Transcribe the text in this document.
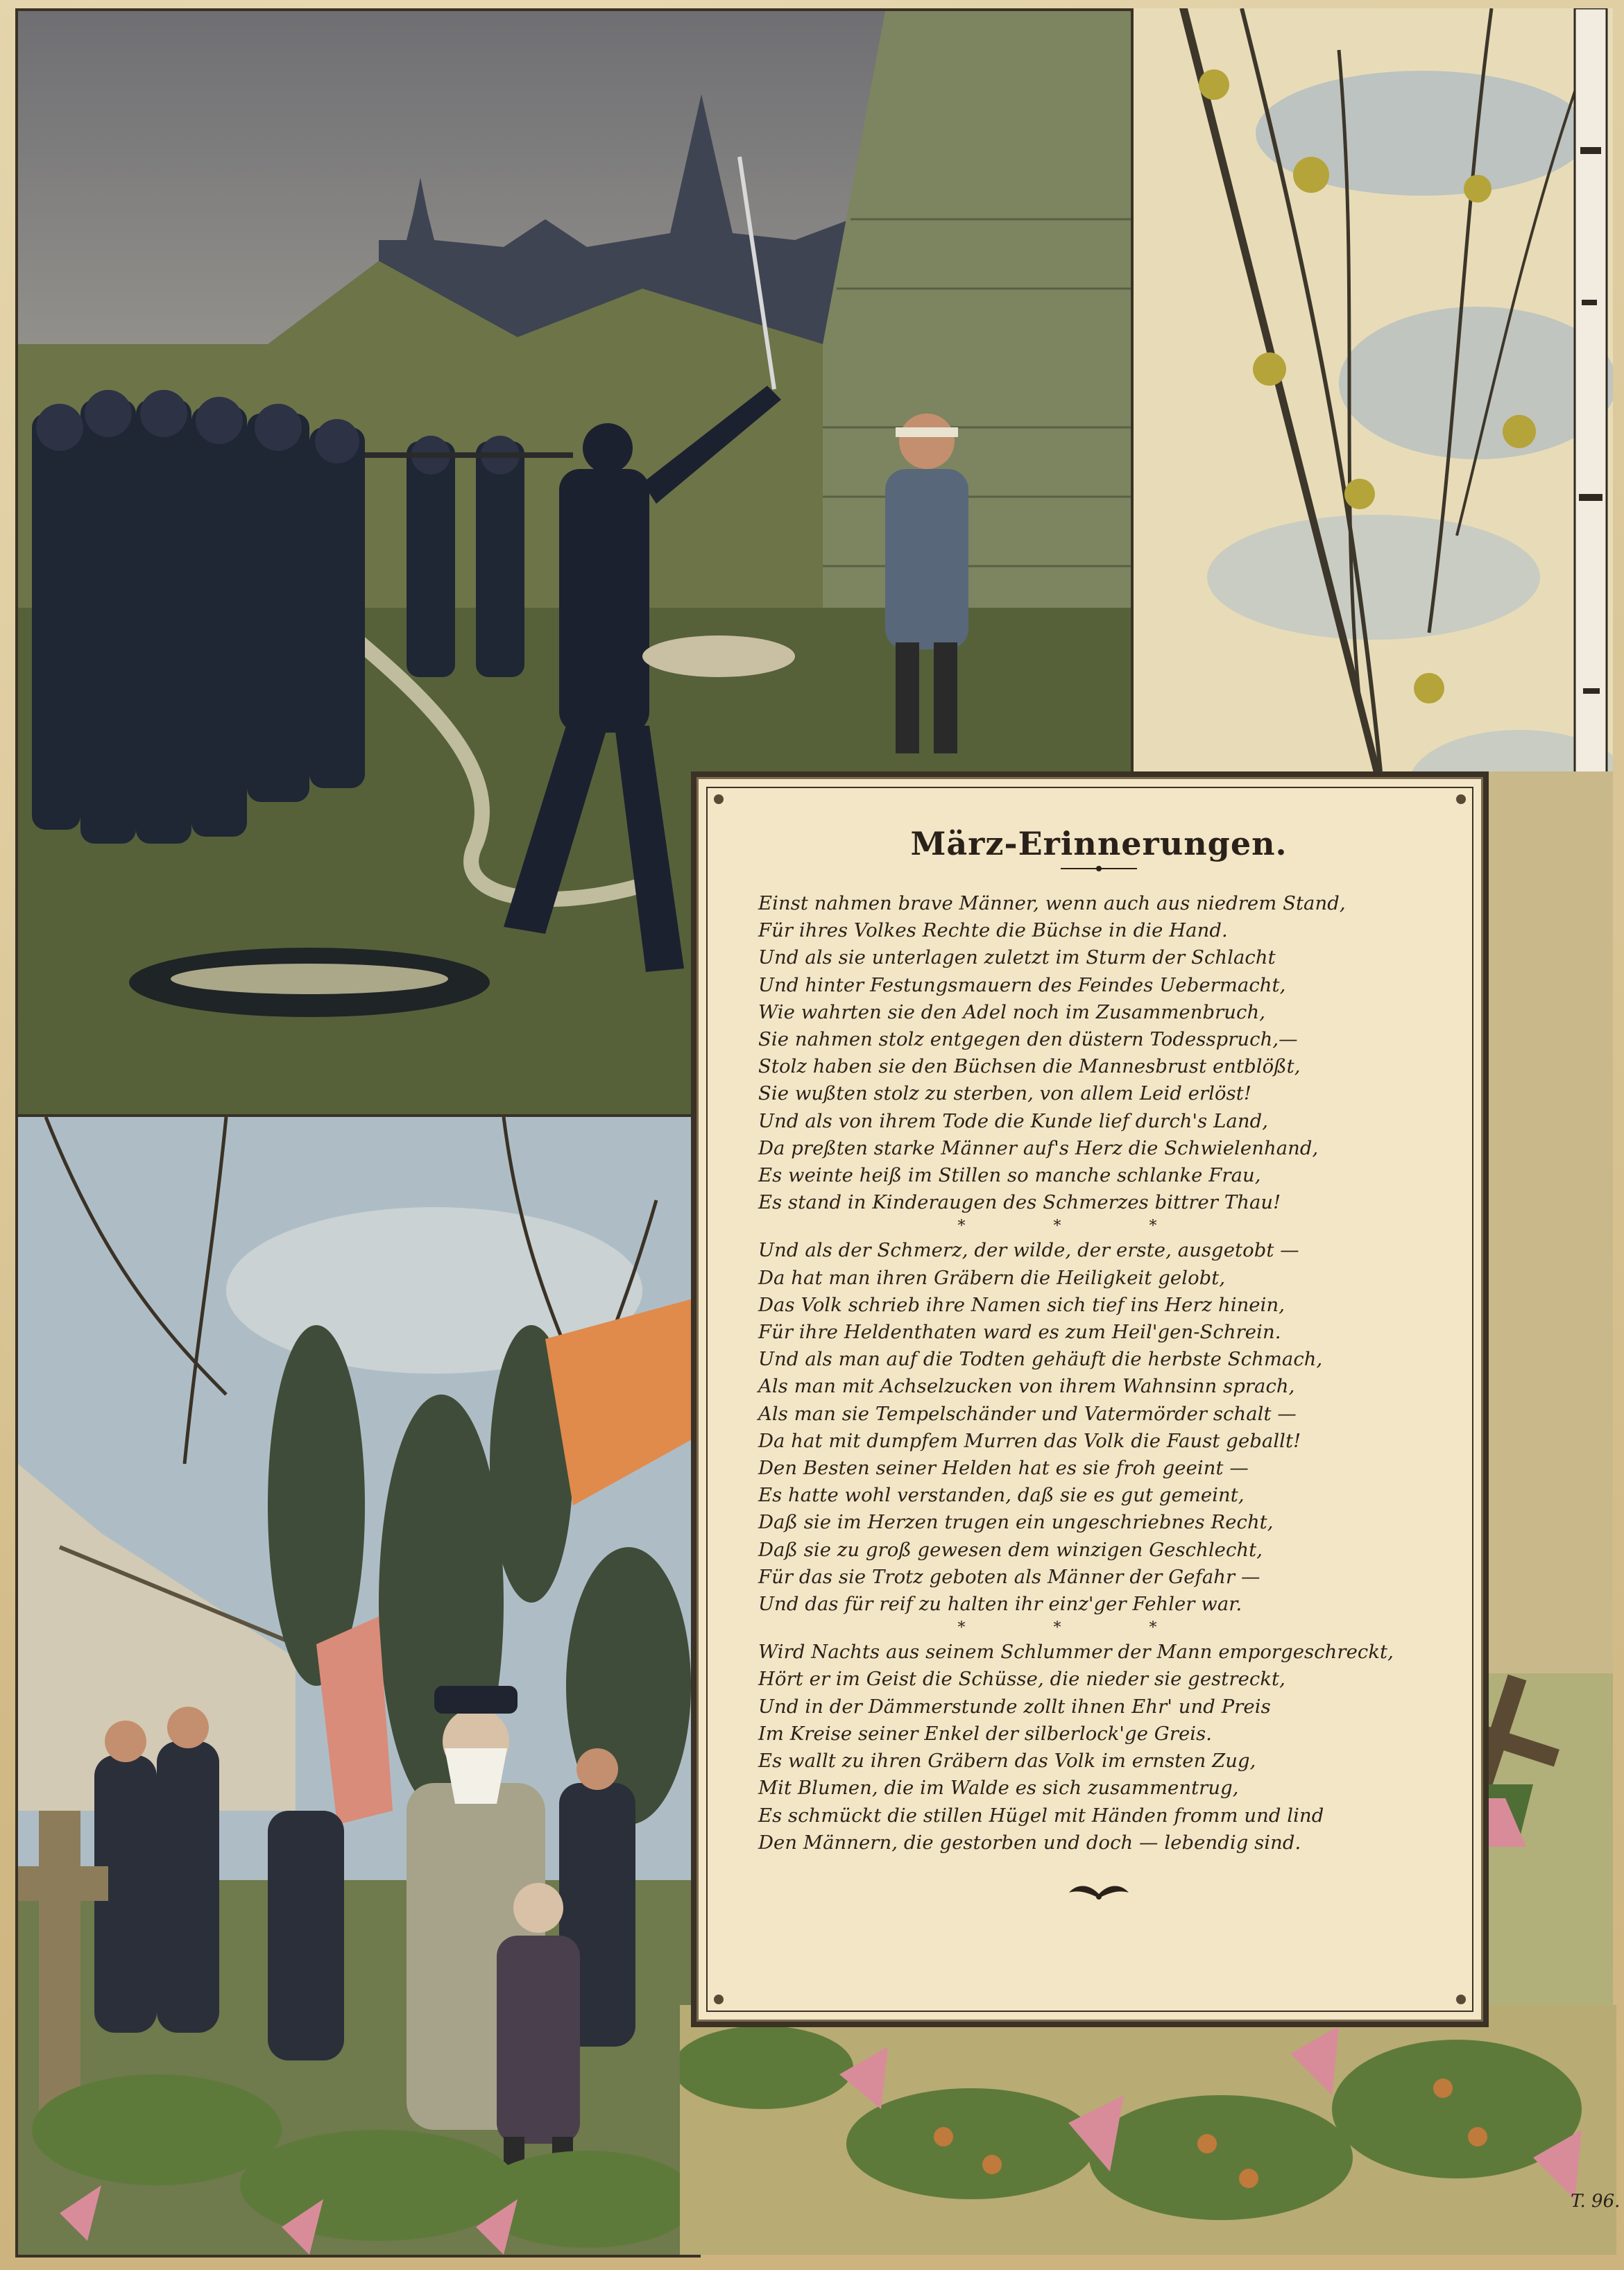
T. 96.
März-Erinnerungen.
Einst nahmen brave Männer, wenn auch aus niedrem Stand,
Für ihres Volkes Rechte die Büchse in die Hand.
Und als sie unterlagen zuletzt im Sturm der Schlacht
Und hinter Festungsmauern des Feindes Uebermacht,
Wie wahrten sie den Adel noch im Zusammenbruch,
Sie nahmen stolz entgegen den düstern Todesspruch,—
Stolz haben sie den Büchsen die Mannesbrust entblößt,
Sie wußten stolz zu sterben, von allem Leid erlöst!
Und als von ihrem Tode die Kunde lief durch's Land,
Da preßten starke Männer auf's Herz die Schwielenhand,
Es weinte heiß im Stillen so manche schlanke Frau,
Es stand in Kinderaugen des Schmerzes bittrer Thau!
* * *
Und als der Schmerz, der wilde, der erste, ausgetobt —
Da hat man ihren Gräbern die Heiligkeit gelobt,
Das Volk schrieb ihre Namen sich tief ins Herz hinein,
Für ihre Heldenthaten ward es zum Heil'gen-Schrein.
Und als man auf die Todten gehäuft die herbste Schmach,
Als man mit Achselzucken von ihrem Wahnsinn sprach,
Als man sie Tempelschänder und Vatermörder schalt —
Da hat mit dumpfem Murren das Volk die Faust geballt!
Den Besten seiner Helden hat es sie froh geeint —
Es hatte wohl verstanden, daß sie es gut gemeint,
Daß sie im Herzen trugen ein ungeschriebnes Recht,
Daß sie zu groß gewesen dem winzigen Geschlecht,
Für das sie Trotz geboten als Männer der Gefahr —
Und das für reif zu halten ihr einz'ger Fehler war.
* * *
Wird Nachts aus seinem Schlummer der Mann emporgeschreckt,
Hört er im Geist die Schüsse, die nieder sie gestreckt,
Und in der Dämmerstunde zollt ihnen Ehr' und Preis
Im Kreise seiner Enkel der silberlock'ge Greis.
Es wallt zu ihren Gräbern das Volk im ernsten Zug,
Mit Blumen, die im Walde es sich zusammentrug,
Es schmückt die stillen Hügel mit Händen fromm und lind
Den Männern, die gestorben und doch — lebendig sind.
